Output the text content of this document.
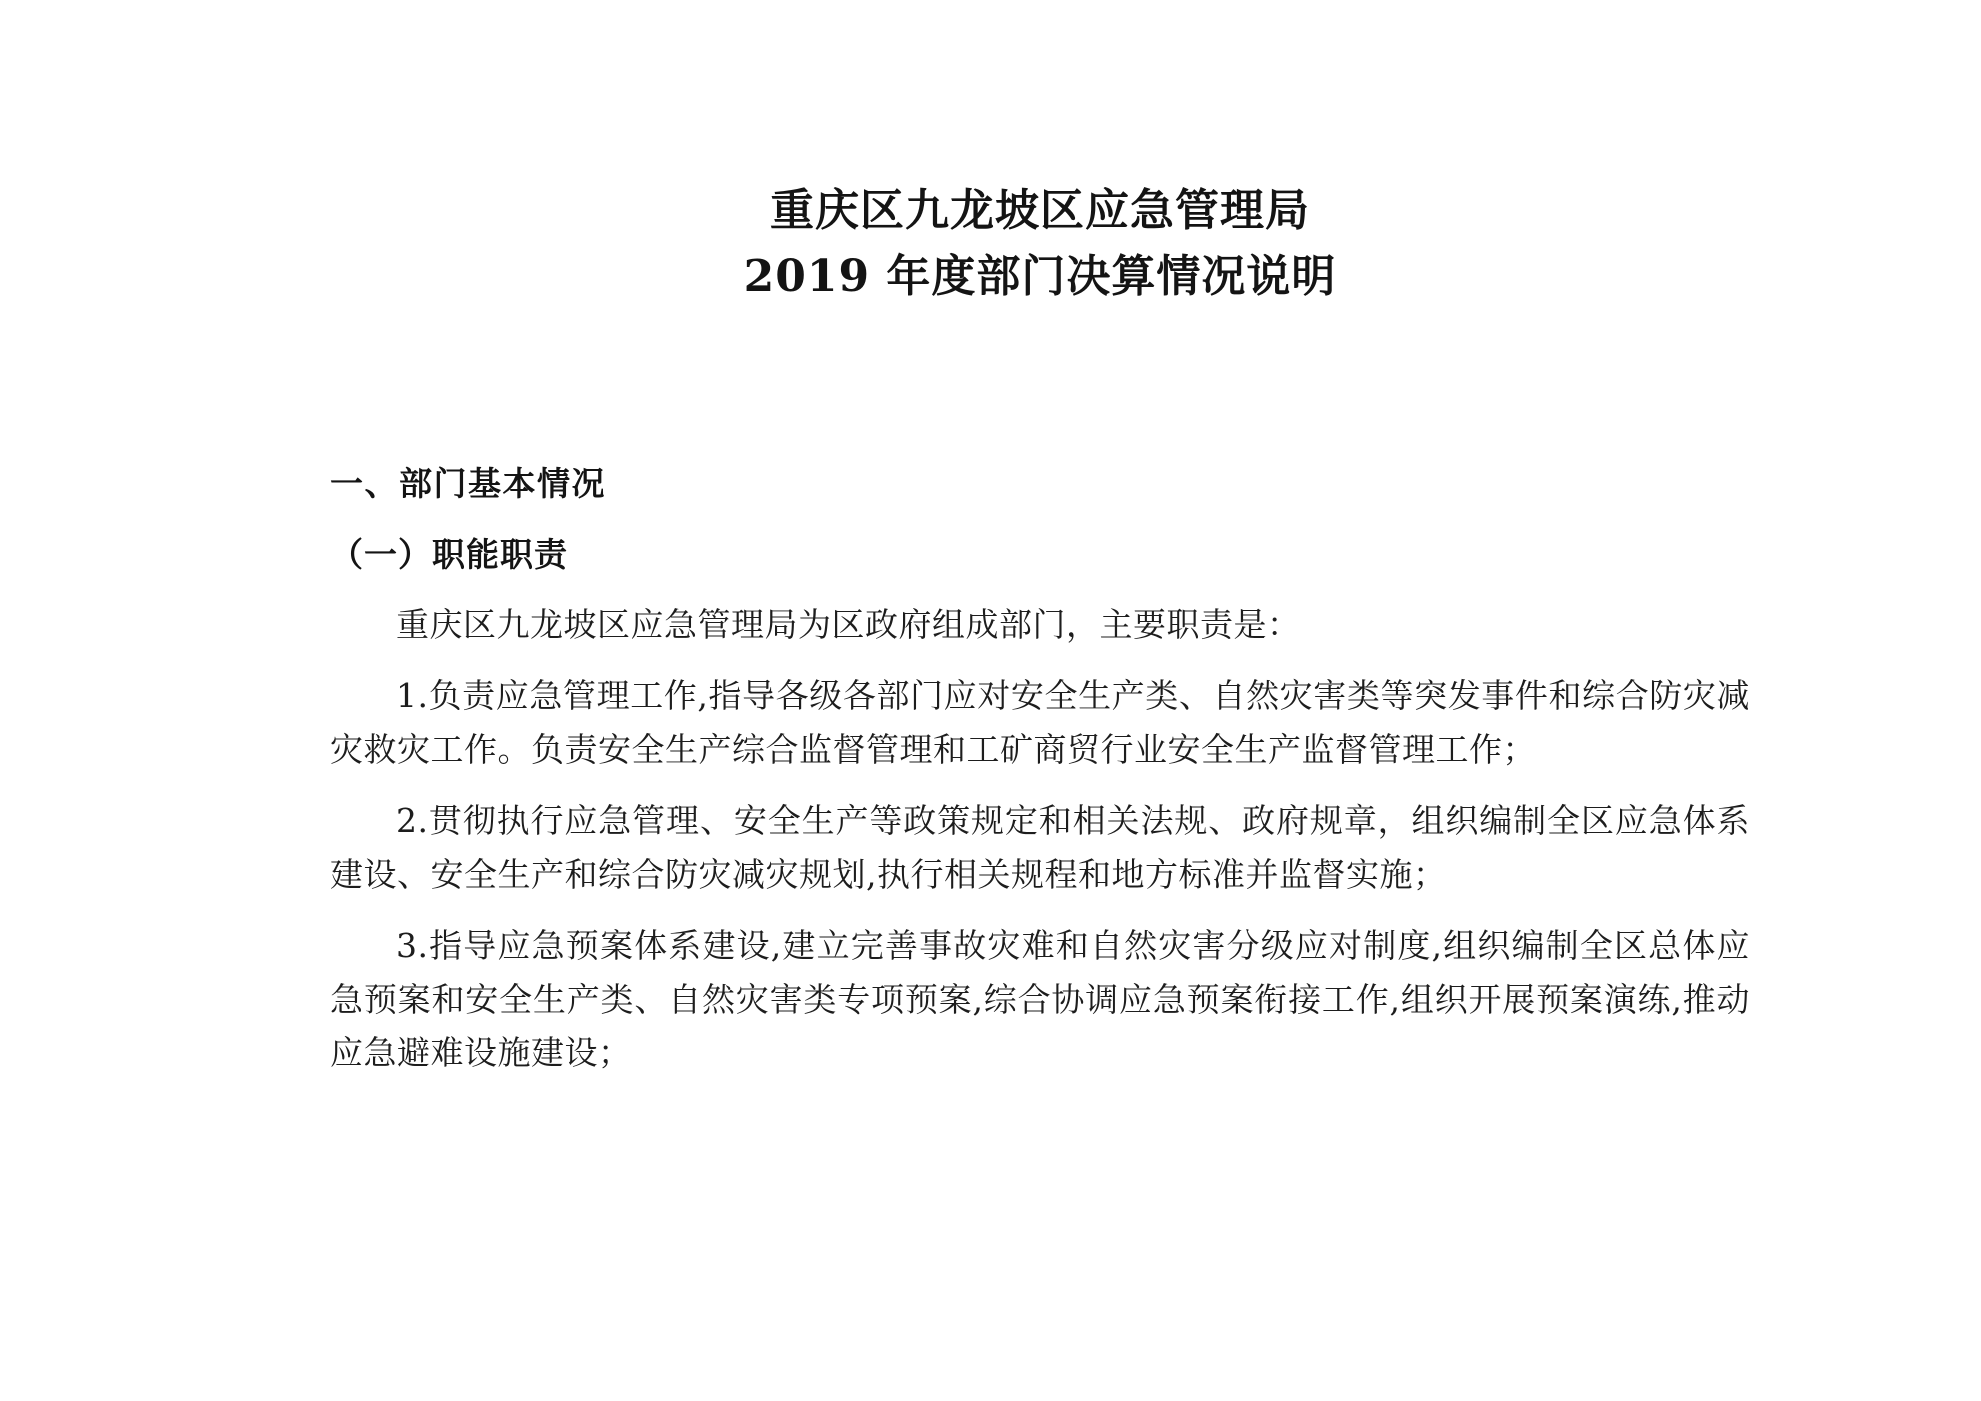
重庆区九龙坡区应急管理局
2019 年度部门决算情况说明
一、部门基本情况
（一）职能职责

重庆区九龙坡区应急管理局为区政府组成部门，主要职责是：

1.负责应急管理工作,指导各级各部门应对安全生产类、自然灾害类等突发事件和综合防灾减灾救灾工作。负责安全生产综合监督管理和工矿商贸行业安全生产监督管理工作；

2.贯彻执行应急管理、安全生产等政策规定和相关法规、政府规章，组织编制全区应急体系建设、安全生产和综合防灾减灾规划,执行相关规程和地方标准并监督实施；

3.指导应急预案体系建设,建立完善事故灾难和自然灾害分级应对制度,组织编制全区总体应急预案和安全生产类、自然灾害类专项预案,综合协调应急预案衔接工作,组织开展预案演练,推动应急避难设施建设；
